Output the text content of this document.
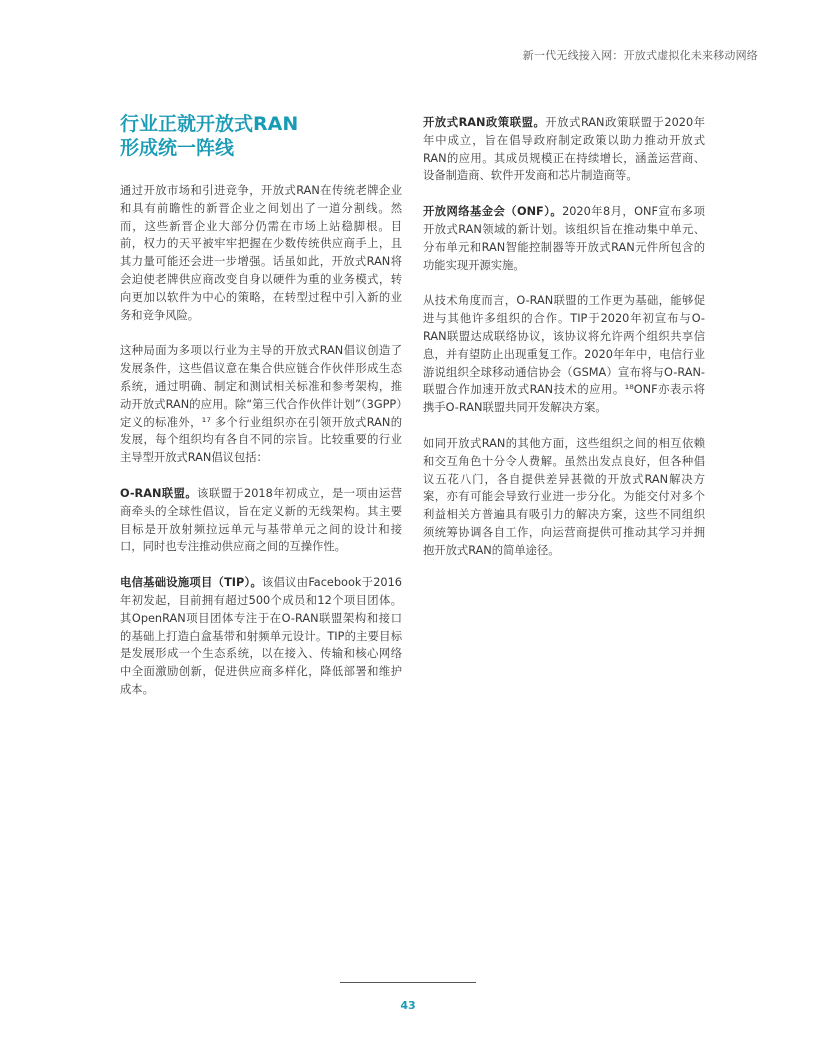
新一代无线接入网：开放式虚拟化未来移动网络
行业正就开放式RAN
形成统一阵线

通过开放市场和引进竞争，开放式RAN在传统老牌企业和具有前瞻性的新晋企业之间划出了一道分割线。然而，这些新晋企业大部分仍需在市场上站稳脚根。目前，权力的天平被牢牢把握在少数传统供应商手上，且其力量可能还会进一步增强。话虽如此，开放式RAN将会迫使老牌供应商改变自身以硬件为重的业务模式，转向更加以软件为中心的策略，在转型过程中引入新的业务和竞争风险。

这种局面为多项以行业为主导的开放式RAN倡议创造了发展条件，这些倡议意在集合供应链合作伙伴形成生态系统，通过明确、制定和测试相关标准和参考架构，推动开放式RAN的应用。除“第三代合作伙伴计划”（3GPP）定义的标准外，¹⁷ 多个行业组织亦在引领开放式RAN的发展，每个组织均有各自不同的宗旨。比较重要的行业主导型开放式RAN倡议包括：

O-RAN联盟。该联盟于2018年初成立，是一项由运营商牵头的全球性倡议，旨在定义新的无线架构。其主要目标是开放射频拉远单元与基带单元之间的设计和接口，同时也专注推动供应商之间的互操作性。

电信基础设施项目（TIP）。该倡议由Facebook于2016年初发起，目前拥有超过500个成员和12个项目团体。其OpenRAN项目团体专注于在O-RAN联盟架构和接口的基础上打造白盒基带和射频单元设计。TIP的主要目标是发展形成一个生态系统，以在接入、传输和核心网络中全面激励创新，促进供应商多样化，降低部署和维护成本。

开放式RAN政策联盟。开放式RAN政策联盟于2020年年中成立，旨在倡导政府制定政策以助力推动开放式RAN的应用。其成员规模正在持续增长，涵盖运营商、设备制造商、软件开发商和芯片制造商等。

开放网络基金会（ONF）。2020年8月，ONF宣布多项开放式RAN领域的新计划。该组织旨在推动集中单元、分布单元和RAN智能控制器等开放式RAN元件所包含的功能实现开源实施。

从技术角度而言，O-RAN联盟的工作更为基础，能够促进与其他许多组织的合作。TIP于2020年初宣布与O-RAN联盟达成联络协议，该协议将允许两个组织共享信息，并有望防止出现重复工作。2020年年中，电信行业游说组织全球移动通信协会（GSMA）宣布将与O-RAN-联盟合作加速开放式RAN技术的应用。¹⁸ONF亦表示将携手O-RAN联盟共同开发解决方案。

如同开放式RAN的其他方面，这些组织之间的相互依赖和交互角色十分令人费解。虽然出发点良好，但各种倡议五花八门，各自提供差异甚微的开放式RAN解决方案，亦有可能会导致行业进一步分化。为能交付对多个利益相关方普遍具有吸引力的解决方案，这些不同组织须统筹协调各自工作，向运营商提供可推动其学习并拥抱开放式RAN的简单途径。

43
